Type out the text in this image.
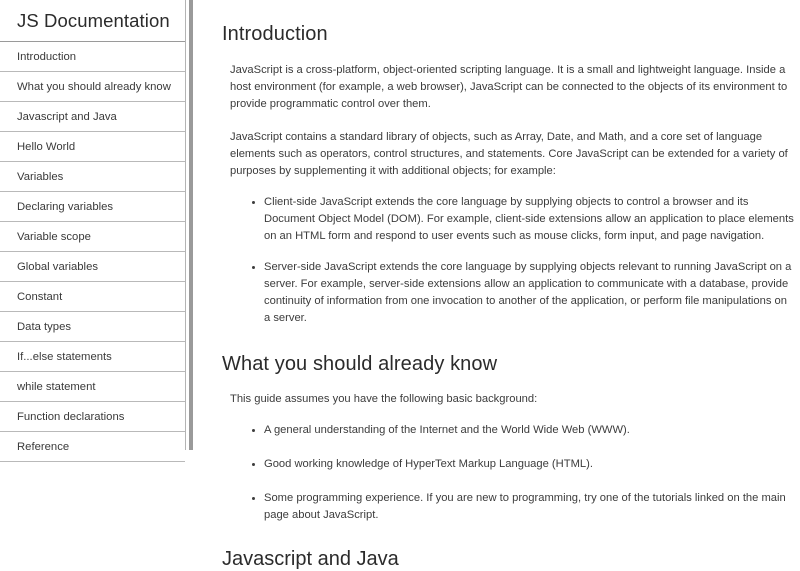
JS Documentation
Introduction
What you should already know
Javascript and Java
Hello World
Variables
Declaring variables
Variable scope
Global variables
Constant
Data types
If...else statements
while statement
Function declarations
Reference
Introduction

JavaScript is a cross-platform, object-oriented scripting language. It is a small and lightweight language. Inside a host environment (for example, a web browser), JavaScript can be connected to the objects of its environment to provide programmatic control over them.

JavaScript contains a standard library of objects, such as Array, Date, and Math, and a core set of language elements such as operators, control structures, and statements. Core JavaScript can be extended for a variety of purposes by supplementing it with additional objects; for example:

Client-side JavaScript extends the core language by supplying objects to control a browser and its Document Object Model (DOM). For example, client-side extensions allow an application to place elements on an HTML form and respond to user events such as mouse clicks, form input, and page navigation.
Server-side JavaScript extends the core language by supplying objects relevant to running JavaScript on a server. For example, server-side extensions allow an application to communicate with a database, provide continuity of information from one invocation to another of the application, or perform file manipulations on a server.
What you should already know

This guide assumes you have the following basic background:

A general understanding of the Internet and the World Wide Web (WWW).
Good working knowledge of HyperText Markup Language (HTML).
Some programming experience. If you are new to programming, try one of the tutorials linked on the main page about JavaScript.
Javascript and Java
